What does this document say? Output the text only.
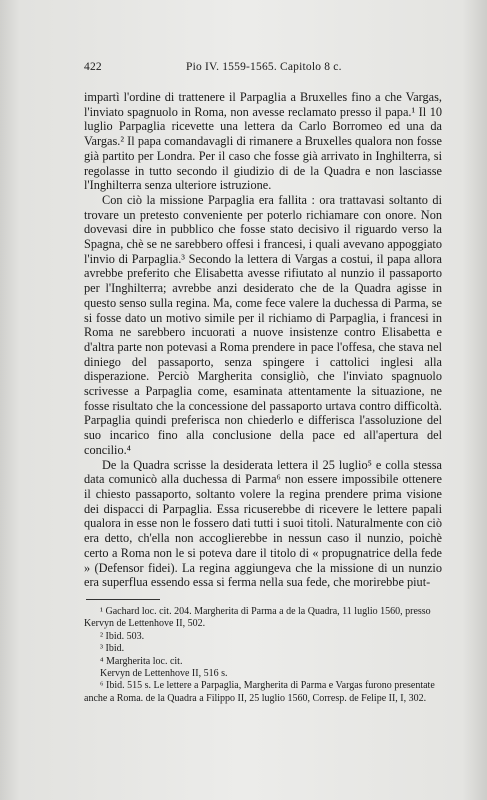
422	Pio IV. 1559-1565. Capitolo 8 c.

impartì l'ordine di trattenere il Parpaglia a Bruxelles fino a che Vargas, l'inviato spagnuolo in Roma, non avesse reclamato presso il papa.¹ Il 10 luglio Parpaglia ricevette una lettera da Carlo Borromeo ed una da Vargas.² Il papa comandavagli di rimanere a Bruxelles qualora non fosse già partito per Londra. Per il caso che fosse già arrivato in Inghilterra, si regolasse in tutto secondo il giudizio di de la Quadra e non lasciasse l'Inghilterra senza ulteriore istruzione.

Con ciò la missione Parpaglia era fallita : ora trattavasi soltanto di trovare un pretesto conveniente per poterlo richiamare con onore. Non dovevasi dire in pubblico che fosse stato decisivo il riguardo verso la Spagna, chè se ne sarebbero offesi i francesi, i quali avevano appoggiato l'invio di Parpaglia.³ Secondo la lettera di Vargas a costui, il papa allora avrebbe preferito che Elisabetta avesse rifiutato al nunzio il passaporto per l'Inghilterra; avrebbe anzi desiderato che de la Quadra agisse in questo senso sulla regina. Ma, come fece valere la duchessa di Parma, se si fosse dato un motivo simile per il richiamo di Parpaglia, i francesi in Roma ne sarebbero incuorati a nuove insistenze contro Elisabetta e d'altra parte non potevasi a Roma prendere in pace l'offesa, che stava nel diniego del passaporto, senza spingere i cattolici inglesi alla disperazione. Perciò Margherita consigliò, che l'inviato spagnuolo scrivesse a Parpaglia come, esaminata attentamente la situazione, ne fosse risultato che la concessione del passaporto urtava contro difficoltà. Parpaglia quindi preferisca non chiederlo e differisca l'assoluzione del suo incarico fino alla conclusione della pace ed all'apertura del concilio.⁴

De la Quadra scrisse la desiderata lettera il 25 luglio⁵ e colla stessa data comunicò alla duchessa di Parma⁶ non essere impossibile ottenere il chiesto passaporto, soltanto volere la regina prendere prima visione dei dispacci di Parpaglia. Essa ricuserebbe di ricevere le lettere papali qualora in esse non le fossero dati tutti i suoi titoli. Naturalmente con ciò era detto, ch'ella non accoglierebbe in nessun caso il nunzio, poichè certo a Roma non le si poteva dare il titolo di « propugnatrice della fede » (Defensor fidei). La regina aggiungeva che la missione di un nunzio era superflua essendo essa si ferma nella sua fede, che morirebbe piut-

¹ Gachard loc. cit. 204. Margherita di Parma a de la Quadra, 11 luglio 1560, presso Kervyn de Lettenhove II, 502.

² Ibid. 503.

³ Ibid.

⁴ Margherita loc. cit.

Kervyn de Lettenhove II, 516 s.

⁶ Ibid. 515 s. Le lettere a Parpaglia, Margherita di Parma e Vargas furono presentate anche a Roma. de la Quadra a Filippo II, 25 luglio 1560, Corresp. de Felipe II, I, 302.
